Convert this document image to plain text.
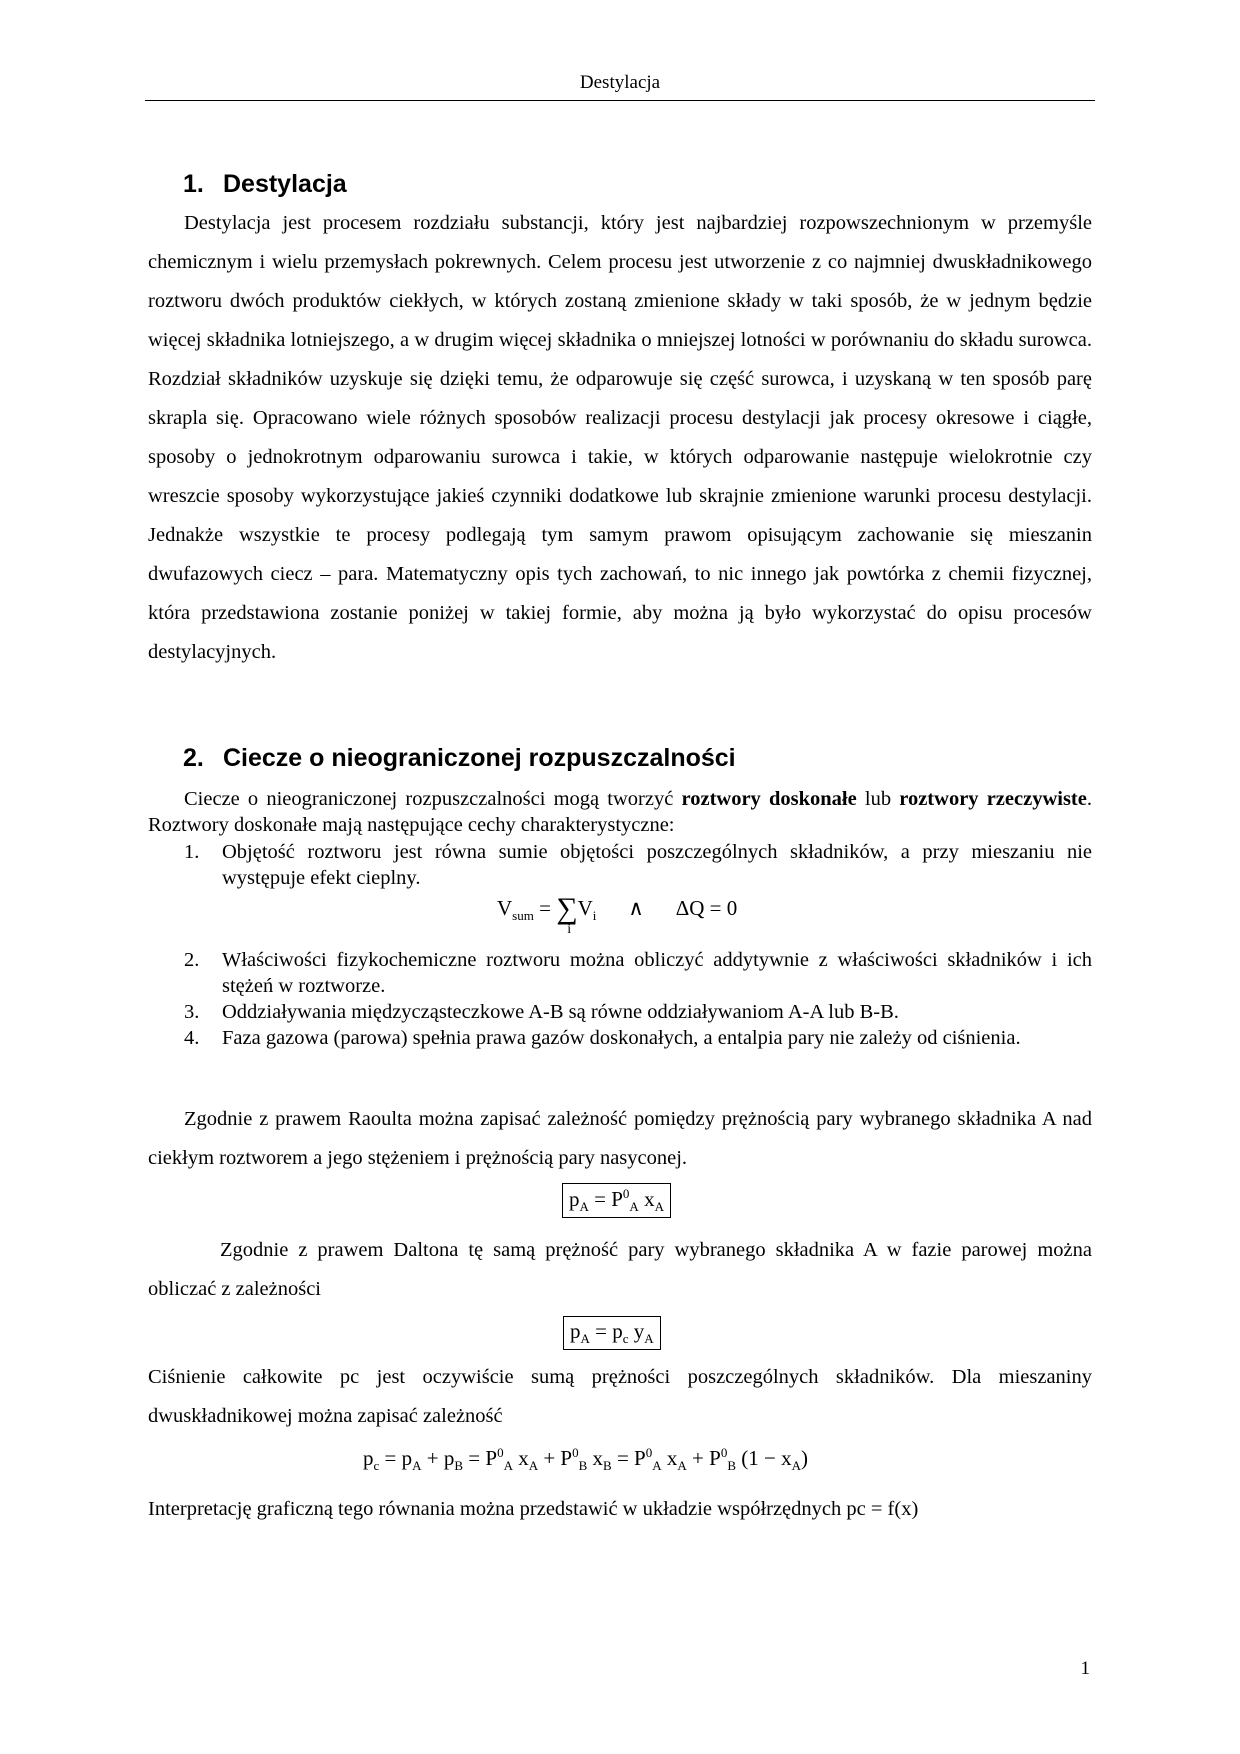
Destylacja
1. Destylacja

Destylacja jest procesem rozdziału substancji, który jest najbardziej rozpowszechnionym w przemyśle chemicznym i wielu przemysłach pokrewnych. Celem procesu jest utworzenie z co najmniej dwuskładnikowego roztworu dwóch produktów ciekłych, w których zostaną zmienione składy w taki sposób, że w jednym będzie więcej składnika lotniejszego, a w drugim więcej składnika o mniejszej lotności w porównaniu do składu surowca. Rozdział składników uzyskuje się dzięki temu, że odparowuje się część surowca, i uzyskaną w ten sposób parę skrapla się. Opracowano wiele różnych sposobów realizacji procesu destylacji jak procesy okresowe i ciągłe, sposoby o jednokrotnym odparowaniu surowca i takie, w których odparowanie następuje wielokrotnie czy wreszcie sposoby wykorzystujące jakieś czynniki dodatkowe lub skrajnie zmienione warunki procesu destylacji. Jednakże wszystkie te procesy podlegają tym samym prawom opisującym zachowanie się mieszanin dwufazowych ciecz – para. Matematyczny opis tych zachowań, to nic innego jak powtórka z chemii fizycznej, która przedstawiona zostanie poniżej w takiej formie, aby można ją było wykorzystać do opisu procesów destylacyjnych.

2. Ciecze o nieograniczonej rozpuszczalności

Ciecze o nieograniczonej rozpuszczalności mogą tworzyć roztwory doskonałe lub roztwory rzeczywiste. Roztwory doskonałe mają następujące cechy charakterystyczne:

1. Objętość roztworu jest równa sumie objętości poszczególnych składników, a przy mieszaniu nie występuje efekt cieplny.
$V_{sum}$ = ∑
i
$V_i$ ∧ ΔQ = 0
2. Właściwości fizykochemiczne roztworu można obliczyć addytywnie z właściwości składników i ich stężeń w roztworze.
3. Oddziaływania międzycząsteczkowe A-B są równe oddziaływaniom A-A lub B-B.
4. Faza gazowa (parowa) spełnia prawa gazów doskonałych, a entalpia pary nie zależy od ciśnienia.

Zgodnie z prawem Raoulta można zapisać zależność pomiędzy prężnością pary wybranego składnika A nad ciekłym roztworem a jego stężeniem i prężnością pary nasyconej.

$p_A = P^0_A$ $x_A$

Zgodnie z prawem Daltona tę samą prężność pary wybranego składnika A w fazie parowej można obliczać z zależności

$p_A = p_c$ $y_A$

Ciśnienie całkowite pc jest oczywiście sumą prężności poszczególnych składników. Dla mieszaniny dwuskładnikowej można zapisać zależność

$p_c = p_A + p_B = P^0_A$ $x_A + P^0_B$ $x_B = P^0_A$ $x_A + P^0_B$ $(1 - x_A)$

Interpretację graficzną tego równania można przedstawić w układzie współrzędnych pc = f(x)

1
